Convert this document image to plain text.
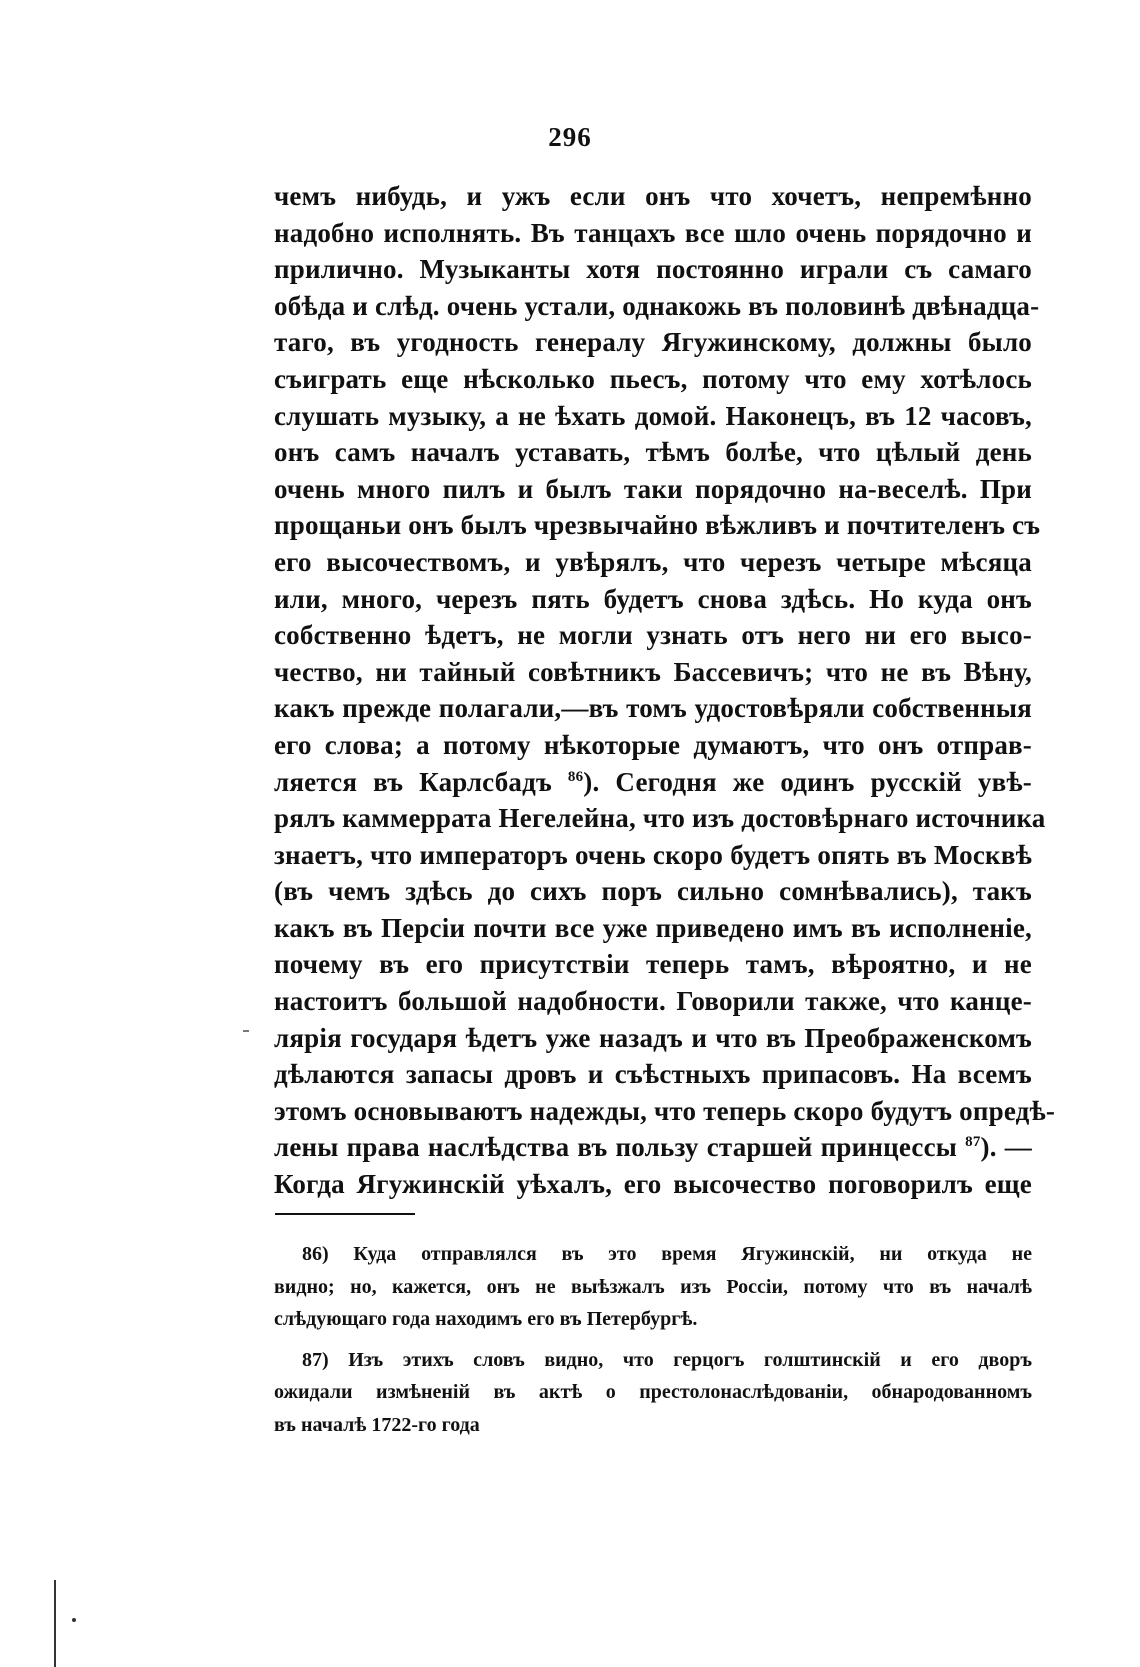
296
чемъ нибудь, и ужъ если онъ что хочетъ, непремѣнно
надобно исполнять. Въ танцахъ все шло очень порядочно и
прилично. Музыканты хотя постоянно играли съ самаго
обѣда и слѣд. очень устали, однакожь въ половинѣ двѣнадца-
таго, въ угодность генералу Ягужинскому, должны было
съиграть еще нѣсколько пьесъ, потому что ему хотѣлось
слушать музыку, а не ѣхать домой. Наконецъ, въ 12 часовъ,
онъ самъ началъ уставать, тѣмъ болѣе, что цѣлый день
очень много пилъ и былъ таки порядочно на-веселѣ. При
прощаньи онъ былъ чрезвычайно вѣжливъ и почтителенъ съ
его высочествомъ, и увѣрялъ, что черезъ четыре мѣсяца
или, много, черезъ пять будетъ снова здѣсь. Но куда онъ
собственно ѣдетъ, не могли узнать отъ него ни его высо-
чество, ни тайный совѣтникъ Бассевичъ; что не въ Вѣну,
какъ прежде полагали,—въ томъ удостовѣряли собственныя
его слова; а потому нѣкоторые думаютъ, что онъ отправ-
ляется въ Карлсбадъ $^{86}$). Сегодня же одинъ русскій увѣ-
рялъ каммеррата Негелейна, что изъ достовѣрнаго источника
знаетъ, что императоръ очень скоро будетъ опять въ Москвѣ
(въ чемъ здѣсь до сихъ поръ сильно сомнѣвались), такъ
какъ въ Персіи почти все уже приведено имъ въ исполненіе,
почему въ его присутствіи теперь тамъ, вѣроятно, и не
настоитъ большой надобности. Говорили также, что канце-
лярія государя ѣдетъ уже назадъ и что въ Преображенскомъ
дѣлаются запасы дровъ и съѣстныхъ припасовъ. На всемъ
этомъ основываютъ надежды, что теперь скоро будутъ опредѣ-
лены права наслѣдства въ пользу старшей принцессы $^{87}$). —
Когда Ягужинскій уѣхалъ, его высочество поговорилъ еще
86) Куда отправлялся въ это время Ягужинскій, ни откуда не
видно; но, кажется, онъ не выѣзжалъ изъ Россіи, потому что въ началѣ
слѣдующаго года находимъ его въ Петербургѣ.
87) Изъ этихъ словъ видно, что герцогъ голштинскій и его дворъ
ожидали измѣненій въ актѣ о престолонаслѣдованіи, обнародованномъ
въ началѣ 1722-го года
